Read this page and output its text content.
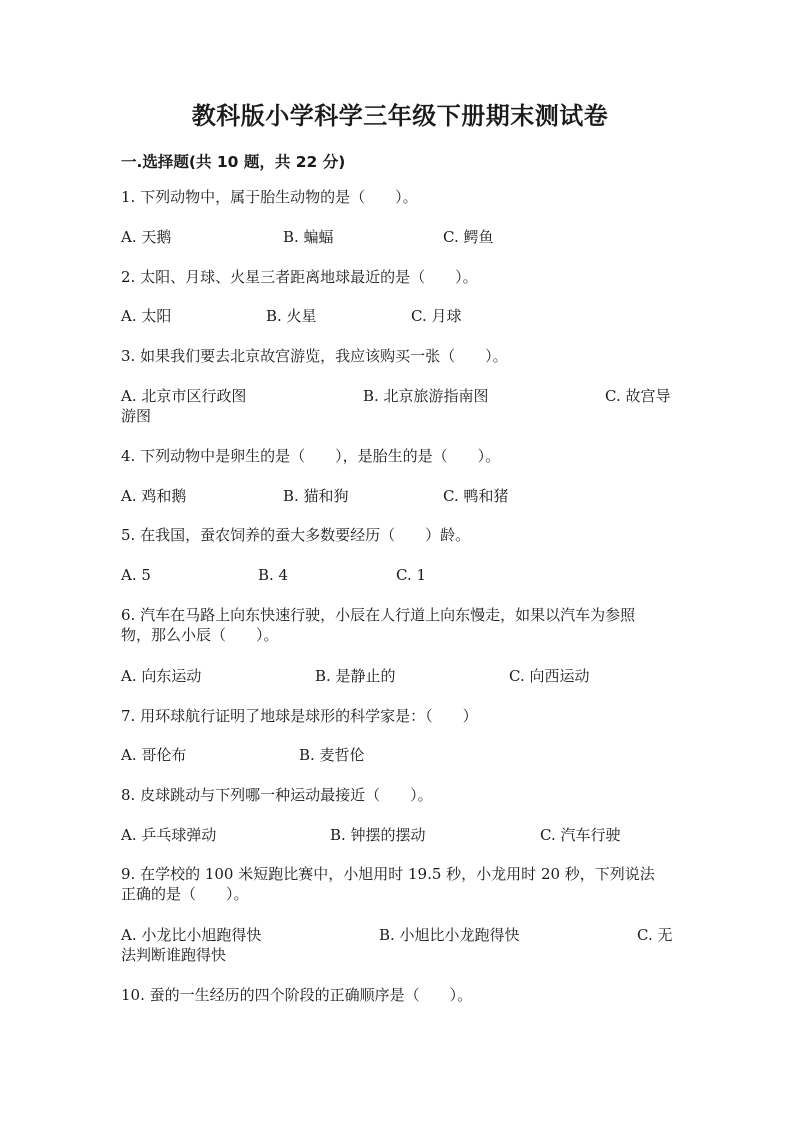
教科版小学科学三年级下册期末测试卷
一.选择题(共 10 题，共 22 分)
1. 下列动物中，属于胎生动物的是（　　）。
A. 天鹅	B. 蝙蝠	C. 鳄鱼
2. 太阳、月球、火星三者距离地球最近的是（　　）。
A. 太阳	B. 火星	C. 月球
3. 如果我们要去北京故宫游览，我应该购买一张（　　）。
A. 北京市区行政图	B. 北京旅游指南图	C. 故宫导
游图
4. 下列动物中是卵生的是（　　），是胎生的是（　　）。
A. 鸡和鹅	B. 猫和狗	C. 鸭和猪
5. 在我国，蚕农饲养的蚕大多数要经历（　　）龄。
A. 5	B. 4	C. 1
6. 汽车在马路上向东快速行驶，小辰在人行道上向东慢走，如果以汽车为参照
物，那么小辰（　　）。
A. 向东运动	B. 是静止的	C. 向西运动
7. 用环球航行证明了地球是球形的科学家是：（　　）
A. 哥伦布	B. 麦哲伦
8. 皮球跳动与下列哪一种运动最接近（　　）。
A. 乒乓球弹动	B. 钟摆的摆动	C. 汽车行驶
9. 在学校的 100 米短跑比赛中，小旭用时 19.5 秒，小龙用时 20 秒，下列说法
正确的是（　　）。
A. 小龙比小旭跑得快	B. 小旭比小龙跑得快	C. 无
法判断谁跑得快
10. 蚕的一生经历的四个阶段的正确顺序是（　　）。
